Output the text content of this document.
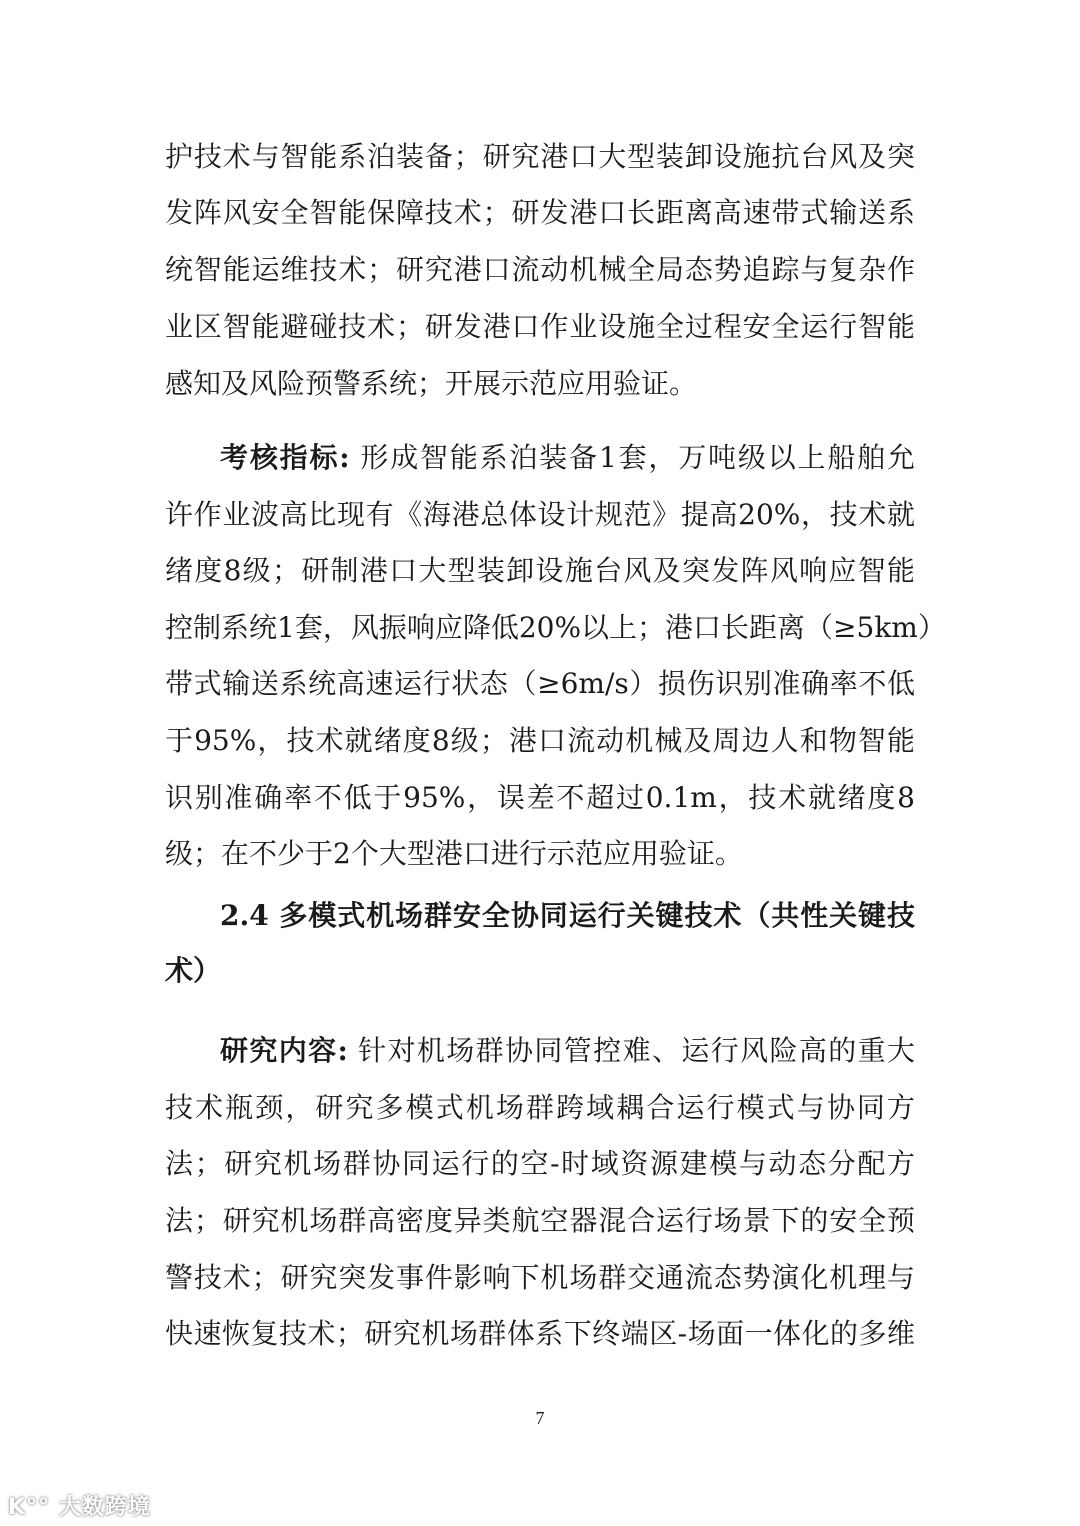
护技术与智能系泊装备；研究港口大型装卸设施抗台风及突
发阵风安全智能保障技术；研发港口长距离高速带式输送系
统智能运维技术；研究港口流动机械全局态势追踪与复杂作
业区智能避碰技术；研发港口作业设施全过程安全运行智能
感知及风险预警系统；开展示范应用验证。
考核指标: 形成智能系泊装备1套，万吨级以上船舶允
许作业波高比现有《海港总体设计规范》提高20%，技术就
绪度8级；研制港口大型装卸设施台风及突发阵风响应智能
控制系统1套，风振响应降低20%以上；港口长距离（≥5km）
带式输送系统高速运行状态（≥6m/s）损伤识别准确率不低
于95%，技术就绪度8级；港口流动机械及周边人和物智能
识别准确率不低于95%，误差不超过0.1m，技术就绪度8
级；在不少于2个大型港口进行示范应用验证。
2.4 多模式机场群安全协同运行关键技术（共性关键技
术）
研究内容: 针对机场群协同管控难、运行风险高的重大
技术瓶颈，研究多模式机场群跨域耦合运行模式与协同方
法；研究机场群协同运行的空-时域资源建模与动态分配方
法；研究机场群高密度异类航空器混合运行场景下的安全预
警技术；研究突发事件影响下机场群交通流态势演化机理与
快速恢复技术；研究机场群体系下终端区-场面一体化的多维
7
K°° 大数跨境
